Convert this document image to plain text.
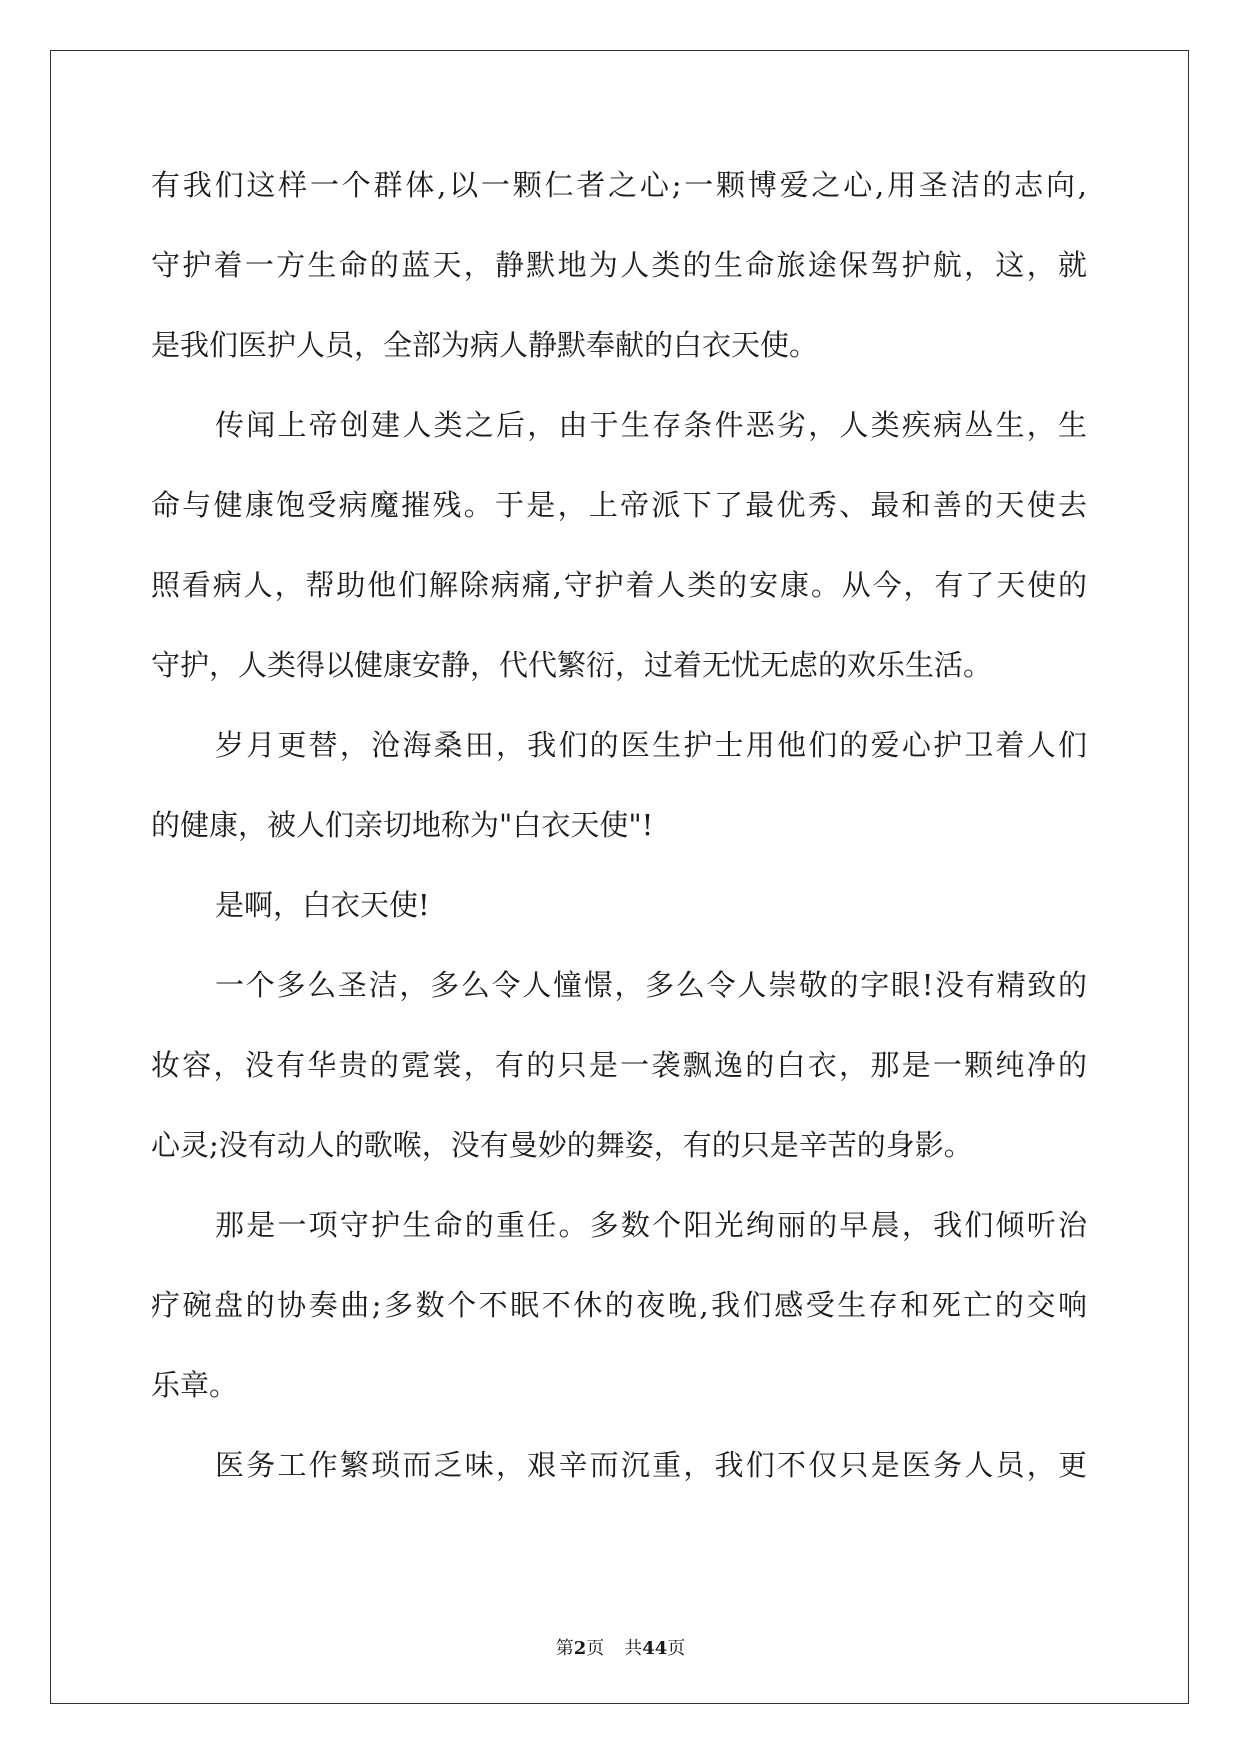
有我们这样一个群体,以一颗仁者之心;一颗博爱之心,用圣洁的志向,
守护着一方生命的蓝天，静默地为人类的生命旅途保驾护航，这，就
是我们医护人员，全部为病人静默奉献的白衣天使。
传闻上帝创建人类之后，由于生存条件恶劣，人类疾病丛生，生
命与健康饱受病魔摧残。于是，上帝派下了最优秀、最和善的天使去
照看病人，帮助他们解除病痛,守护着人类的安康。从今，有了天使的
守护，人类得以健康安静，代代繁衍，过着无忧无虑的欢乐生活。
岁月更替，沧海桑田，我们的医生护士用他们的爱心护卫着人们
的健康，被人们亲切地称为"白衣天使"!
是啊，白衣天使!
一个多么圣洁，多么令人憧憬，多么令人崇敬的字眼!没有精致的
妆容，没有华贵的霓裳，有的只是一袭飘逸的白衣，那是一颗纯净的
心灵;没有动人的歌喉，没有曼妙的舞姿，有的只是辛苦的身影。
那是一项守护生命的重任。多数个阳光绚丽的早晨，我们倾听治
疗碗盘的协奏曲;多数个不眠不休的夜晚,我们感受生存和死亡的交响
乐章。
医务工作繁琐而乏味，艰辛而沉重，我们不仅只是医务人员，更
第2页 共44页
